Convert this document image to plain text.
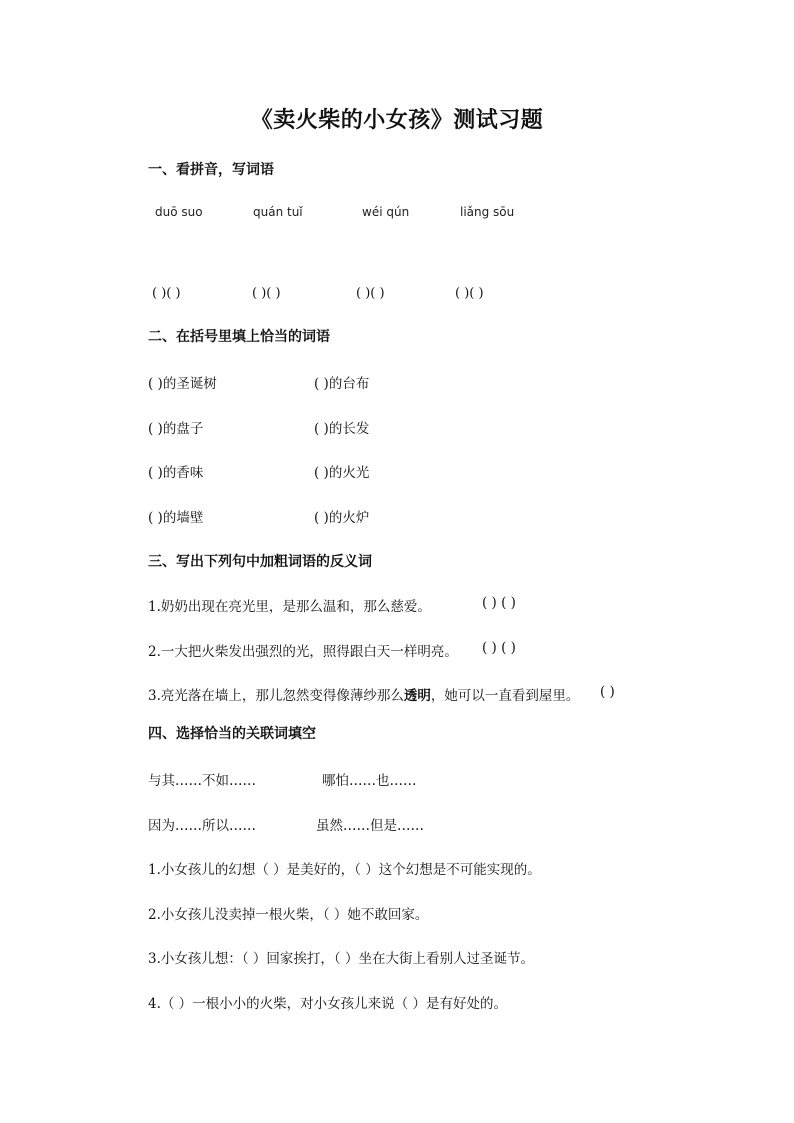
《卖火柴的小女孩》测试习题
一、看拼音，写词语
duō suo	quán tuǐ	wéi qún	liǎng sōu
( )( )	( )( )	( )( )	( )( )
二、在括号里填上恰当的词语
( )的圣诞树	( )的台布
( )的盘子	( )的长发
( )的香味	( )的火光
( )的墙壁	( )的火炉
三、写出下列句中加粗词语的反义词
1.奶奶出现在亮光里，是那么温和，那么慈爱。	( ) ( )
2.一大把火柴发出强烈的光，照得跟白天一样明亮。 ( ) ( )
3.亮光落在墙上，那儿忽然变得像薄纱那么透明，她可以一直看到屋里。 ( )
四、选择恰当的关联词填空
与其……不如……	哪怕……也……
因为……所以……	虽然……但是……
1.小女孩儿的幻想（ ）是美好的，（ ）这个幻想是不可能实现的。
2.小女孩儿没卖掉一根火柴，（ ）她不敢回家。
3.小女孩儿想：（ ）回家挨打，（ ）坐在大街上看别人过圣诞节。
4.（ ）一根小小的火柴，对小女孩儿来说（ ）是有好处的。
